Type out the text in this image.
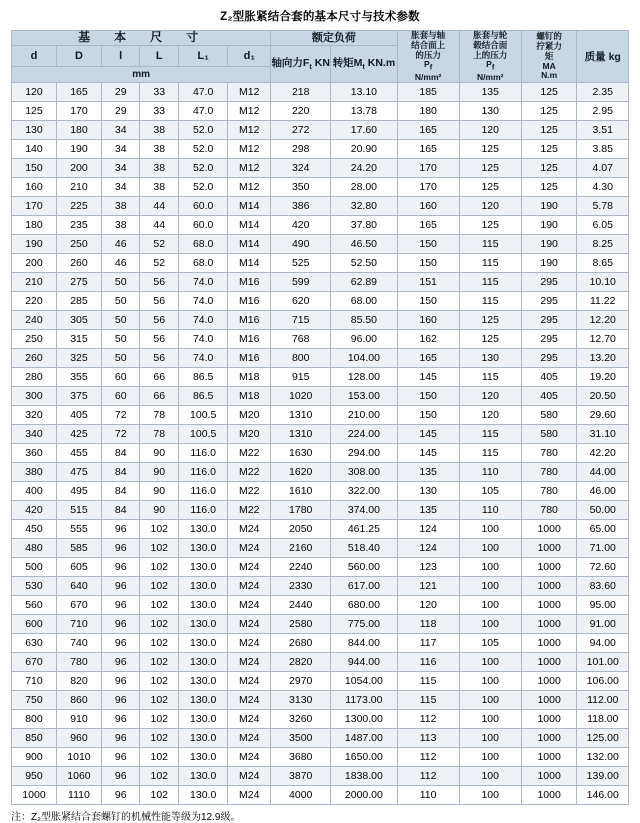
Z₂型胀紧结合套的基本尺寸与技术参数
基　本　尺　寸						额定负荷		胀套与轴
结合面上
的压力
Pf
N/mm²	胀套与轮
毂结合面
上的压力
Pf
N/mm²	螺钉的
拧紧力
矩
MA
N.m	质量 kg
d	D	l	L	L₁	d₁	轴向力$F_t$ KN	转矩$M_t$ KN.m				
mm											
120	165	29	33	47.0	M12	218	13.10	185	135	125	2.35
125	170	29	33	47.0	M12	220	13.78	180	130	125	2.95
130	180	34	38	52.0	M12	272	17.60	165	120	125	3.51
140	190	34	38	52.0	M12	298	20.90	165	125	125	3.85
150	200	34	38	52.0	M12	324	24.20	170	125	125	4.07
160	210	34	38	52.0	M12	350	28.00	170	125	125	4.30
170	225	38	44	60.0	M14	386	32.80	160	120	190	5.78
180	235	38	44	60.0	M14	420	37.80	165	125	190	6.05
190	250	46	52	68.0	M14	490	46.50	150	115	190	8.25
200	260	46	52	68.0	M14	525	52.50	150	115	190	8.65
210	275	50	56	74.0	M16	599	62.89	151	115	295	10.10
220	285	50	56	74.0	M16	620	68.00	150	115	295	11.22
240	305	50	56	74.0	M16	715	85.50	160	125	295	12.20
250	315	50	56	74.0	M16	768	96.00	162	125	295	12.70
260	325	50	56	74.0	M16	800	104.00	165	130	295	13.20
280	355	60	66	86.5	M18	915	128.00	145	115	405	19.20
300	375	60	66	86.5	M18	1020	153.00	150	120	405	20.50
320	405	72	78	100.5	M20	1310	210.00	150	120	580	29.60
340	425	72	78	100.5	M20	1310	224.00	145	115	580	31.10
360	455	84	90	116.0	M22	1630	294.00	145	115	780	42.20
380	475	84	90	116.0	M22	1620	308.00	135	110	780	44.00
400	495	84	90	116.0	M22	1610	322.00	130	105	780	46.00
420	515	84	90	116.0	M22	1780	374.00	135	110	780	50.00
450	555	96	102	130.0	M24	2050	461.25	124	100	1000	65.00
480	585	96	102	130.0	M24	2160	518.40	124	100	1000	71.00
500	605	96	102	130.0	M24	2240	560.00	123	100	1000	72.60
530	640	96	102	130.0	M24	2330	617.00	121	100	1000	83.60
560	670	96	102	130.0	M24	2440	680.00	120	100	1000	95.00
600	710	96	102	130.0	M24	2580	775.00	118	100	1000	91.00
630	740	96	102	130.0	M24	2680	844.00	117	105	1000	94.00
670	780	96	102	130.0	M24	2820	944.00	116	100	1000	101.00
710	820	96	102	130.0	M24	2970	1054.00	115	100	1000	106.00
750	860	96	102	130.0	M24	3130	1173.00	115	100	1000	112.00
800	910	96	102	130.0	M24	3260	1300.00	112	100	1000	118.00
850	960	96	102	130.0	M24	3500	1487.00	113	100	1000	125.00
900	1010	96	102	130.0	M24	3680	1650.00	112	100	1000	132.00
950	1060	96	102	130.0	M24	3870	1838.00	112	100	1000	139.00
1000	1110	96	102	130.0	M24	4000	2000.00	110	100	1000	146.00
注：Z₂型胀紧结合套螺钉的机械性能等级为12.9级。
